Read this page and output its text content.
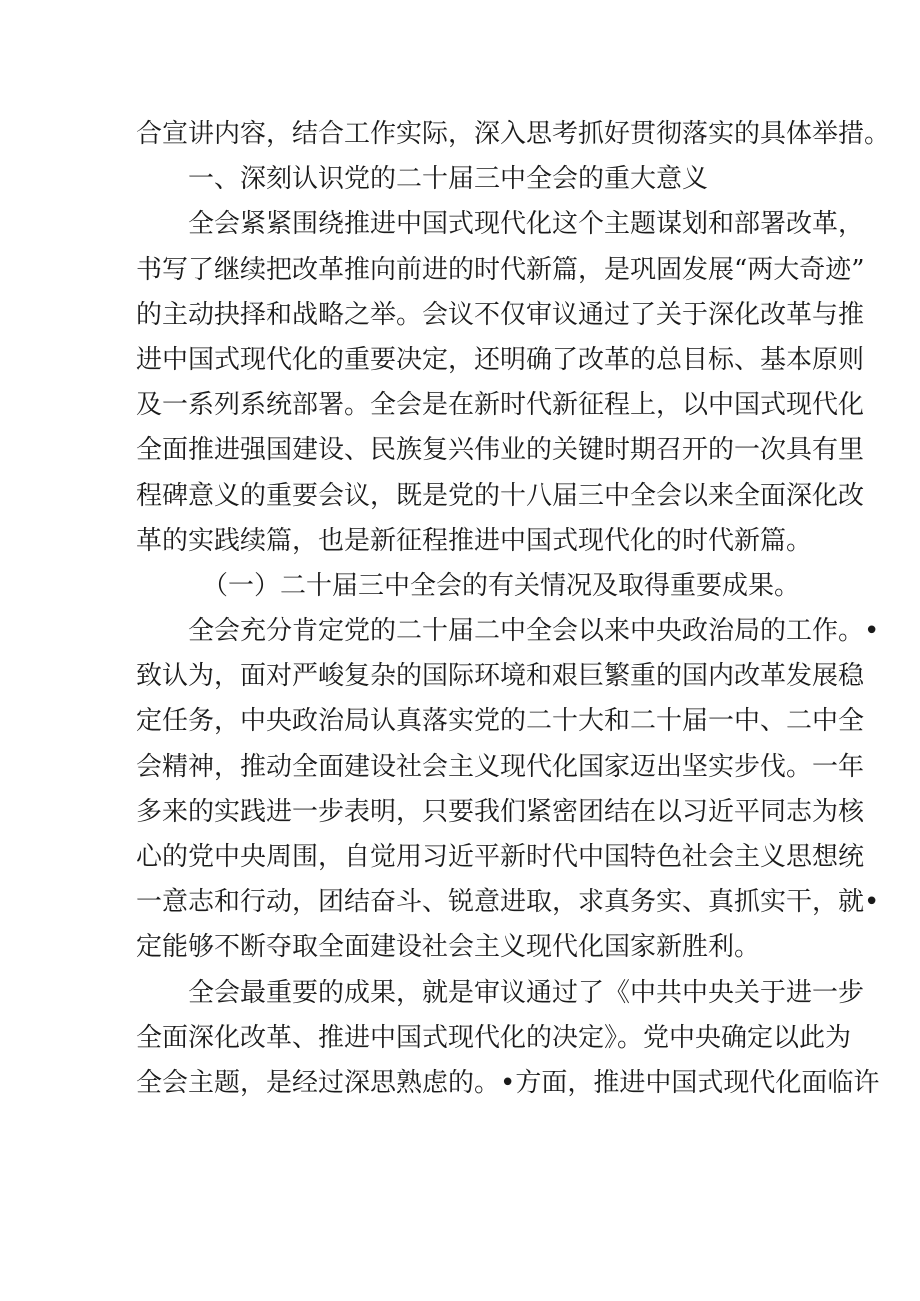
合宣讲内容，结合工作实际，深入思考抓好贯彻落实的具体举措。
一、深刻认识党的二十届三中全会的重大意义
全会紧紧围绕推进中国式现代化这个主题谋划和部署改革，
书写了继续把改革推向前进的时代新篇，是巩固发展“两大奇迹”
的主动抉择和战略之举。会议不仅审议通过了关于深化改革与推
进中国式现代化的重要决定，还明确了改革的总目标、基本原则
及一系列系统部署。全会是在新时代新征程上，以中国式现代化
全面推进强国建设、民族复兴伟业的关键时期召开的一次具有里
程碑意义的重要会议，既是党的十八届三中全会以来全面深化改
革的实践续篇，也是新征程推进中国式现代化的时代新篇。
（一）二十届三中全会的有关情况及取得重要成果。
全会充分肯定党的二十届二中全会以来中央政治局的工作。•
致认为，面对严峻复杂的国际环境和艰巨繁重的国内改革发展稳
定任务，中央政治局认真落实党的二十大和二十届一中、二中全
会精神，推动全面建设社会主义现代化国家迈出坚实步伐。一年
多来的实践进一步表明，只要我们紧密团结在以习近平同志为核
心的党中央周围，自觉用习近平新时代中国特色社会主义思想统
一意志和行动，团结奋斗、锐意进取，求真务实、真抓实干，就•
定能够不断夺取全面建设社会主义现代化国家新胜利。
全会最重要的成果，就是审议通过了《中共中央关于进一步
全面深化改革、推进中国式现代化的决定》。党中央确定以此为
全会主题，是经过深思熟虑的。•方面，推进中国式现代化面临许
